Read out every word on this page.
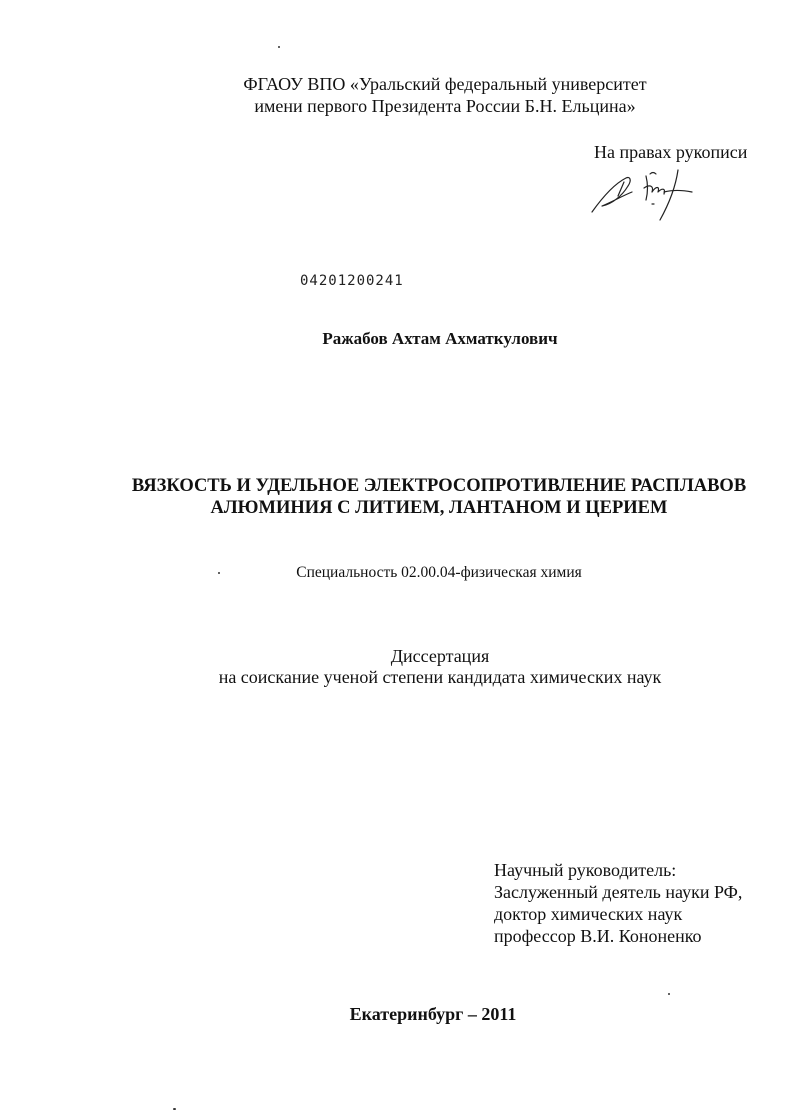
ФГАОУ ВПО «Уральский федеральный университет
имени первого Президента России Б.Н. Ельцина»
На правах рукописи
04201200241
Ражабов Ахтам Ахматкулович
ВЯЗКОСТЬ И УДЕЛЬНОЕ ЭЛЕКТРОСОПРОТИВЛЕНИЕ РАСПЛАВОВ
АЛЮМИНИЯ С ЛИТИЕМ, ЛАНТАНОМ И ЦЕРИЕМ
Специальность 02.00.04-физическая химия
Диссертация
на соискание ученой степени кандидата химических наук
Научный руководитель:
Заслуженный деятель науки РФ,
доктор химических наук
профессор В.И. Кононенко
Екатеринбург – 2011
